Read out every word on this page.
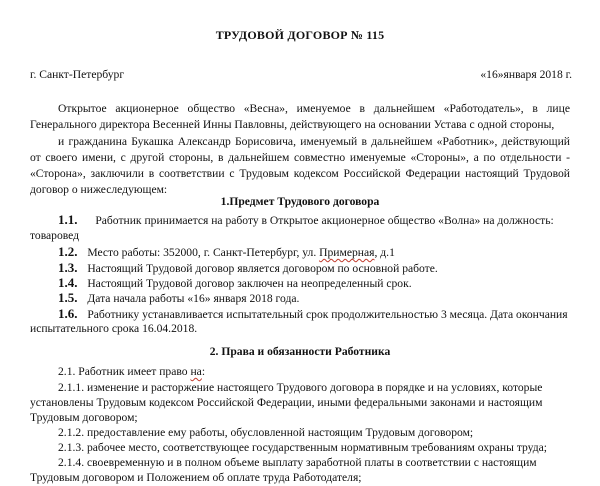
ТРУДОВОЙ ДОГОВОР № 115
г. Санкт-Петербург	«16»января 2018 г.
Открытое акционерное общество «Весна», именуемое в дальнейшем «Работодатель», в лице Генерального директора Весенней Инны Павловны, действующего на основании Устава с одной стороны,
и гражданина Букашка Александр Борисовича, именуемый в дальнейшем «Работник», действующий от своего имени, с другой стороны, в дальнейшем совместно именуемые «Стороны», а по отдельности - «Сторона», заключили в соответствии с Трудовым кодексом Российской Федерации настоящий Трудовой договор о нижеследующем:
1.Предмет Трудового договора
1.1. Работник принимается на работу в Открытое акционерное общество «Волна» на должность:
товаровед
1.2. Место работы: 352000, г. Санкт-Петербург, ул. Примерная, д.1
1.3. Настоящий Трудовой договор является договором по основной работе.
1.4. Настоящий Трудовой договор заключен на неопределенный срок.
1.5. Дата начала работы «16» января 2018 года.
1.6. Работнику устанавливается испытательный срок продолжительностью 3 месяца. Дата окончания
испытательного срока 16.04.2018.
2. Права и обязанности Работника
2.1. Работник имеет право на:
2.1.1. изменение и расторжение настоящего Трудового договора в порядке и на условиях, которые
установлены Трудовым кодексом Российской Федерации, иными федеральными законами и настоящим
Трудовым договором;
2.1.2. предоставление ему работы, обусловленной настоящим Трудовым договором;
2.1.3. рабочее место, соответствующее государственным нормативным требованиям охраны труда;
2.1.4. своевременную и в полном объеме выплату заработной платы в соответствии с настоящим
Трудовым договором и Положением об оплате труда Работодателя;
